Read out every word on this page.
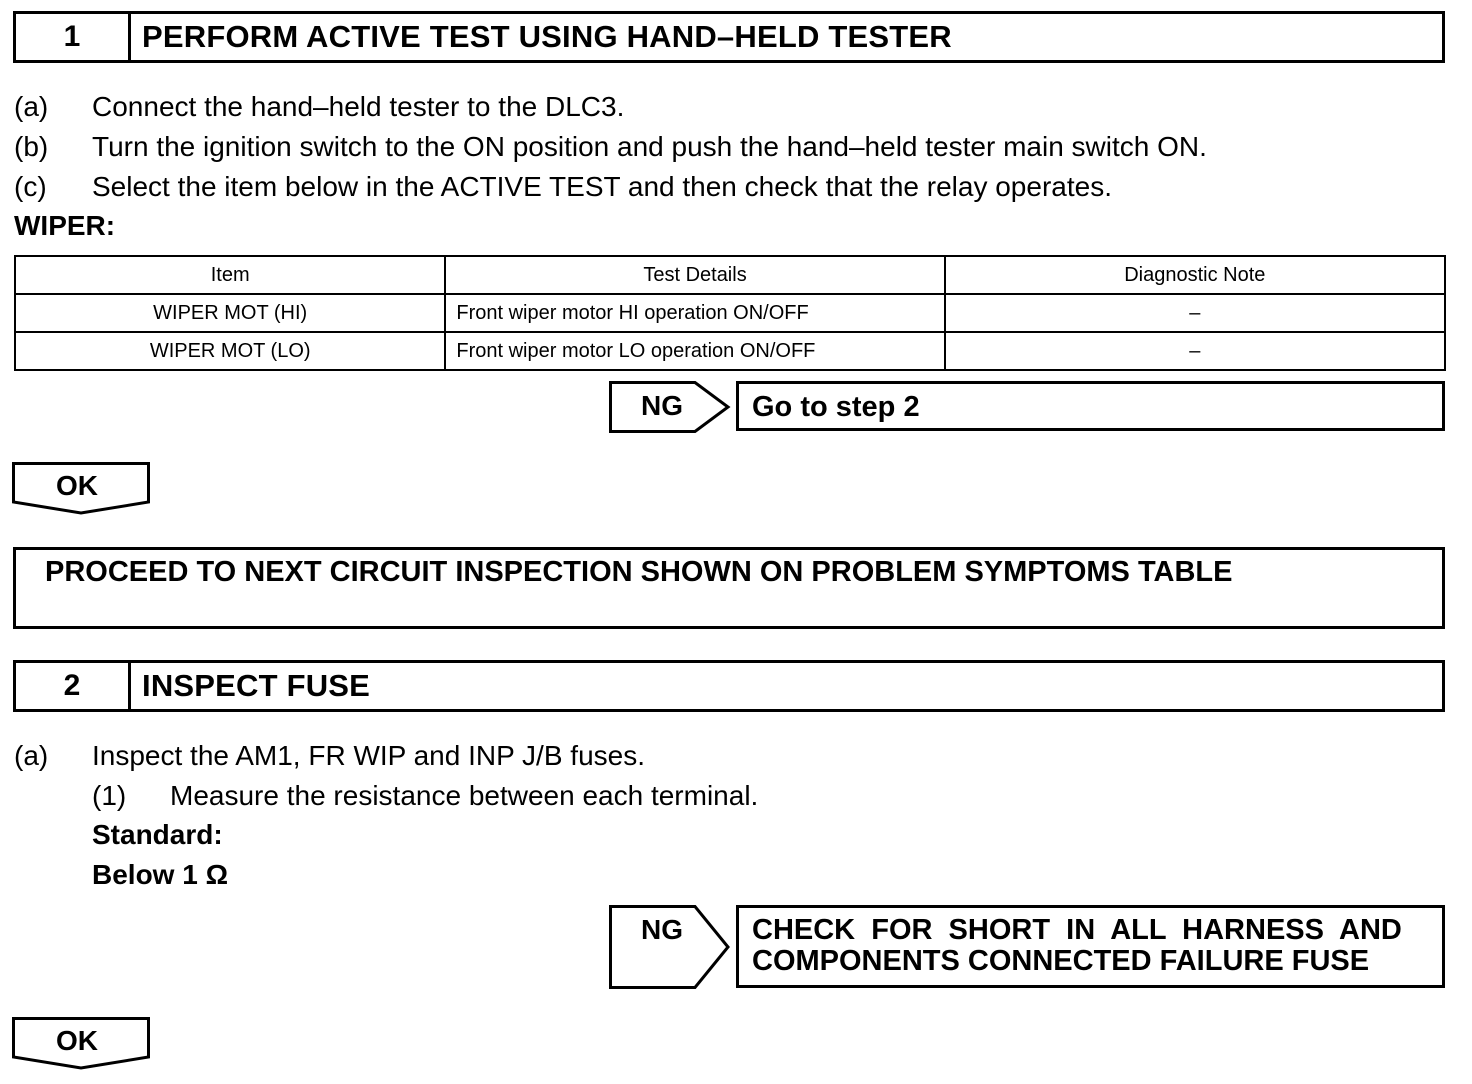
1	PERFORM ACTIVE TEST USING HAND–HELD TESTER
(a) Connect the hand–held tester to the DLC3.
(b) Turn the ignition switch to the ON position and push the hand–held tester main switch ON.
(c) Select the item below in the ACTIVE TEST and then check that the relay operates.
WIPER:
Item	Test Details	Diagnostic Note
WIPER MOT (HI)	Front wiper motor HI operation ON/OFF	–
WIPER MOT (LO)	Front wiper motor LO operation ON/OFF	–
NG Go to step 2
OK
PROCEED TO NEXT CIRCUIT INSPECTION SHOWN ON PROBLEM SYMPTOMS TABLE
2	INSPECT FUSE
(a) Inspect the AM1, FR WIP and INP J/B fuses.
(1) Measure the resistance between each terminal.
Standard:
Below 1 Ω
NG CHECK  FOR  SHORT  IN  ALL  HARNESS  AND
COMPONENTS CONNECTED FAILURE FUSE
OK
